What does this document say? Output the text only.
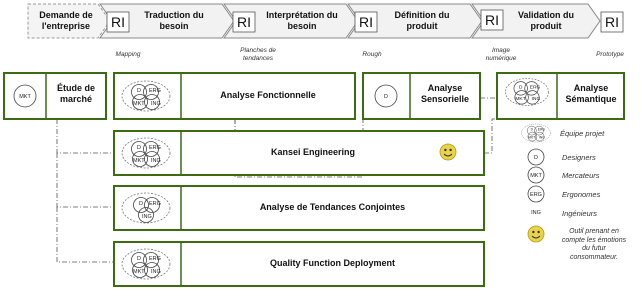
RI	RI	RI	RI	RI
MKT	D
D ERG
MKT ING
D ERG
MKT ING
D ERG
MKT ING
D ERG
ING
D ERG
MKT ING
D ERG
MKT ING
D
MKT
ERG
ING
Demande de l'entreprise
Traduction du besoin
Interprétation du besoin
Définition du produit
Validation du produit
Mapping
Planches de tendances
Rough
Image numérique
Prototype
Étude de marché	Analyse Fonctionnelle
Analyse Sensorielle
Analyse Sémantique
Kansei Engineering
Analyse de Tendances Conjointes
Quality Function Deployment
Équipe projet
Designers
Mercateurs
Ergonomes
Ingénieurs
Outil prenant en compte les émotions du futur consommateur.
